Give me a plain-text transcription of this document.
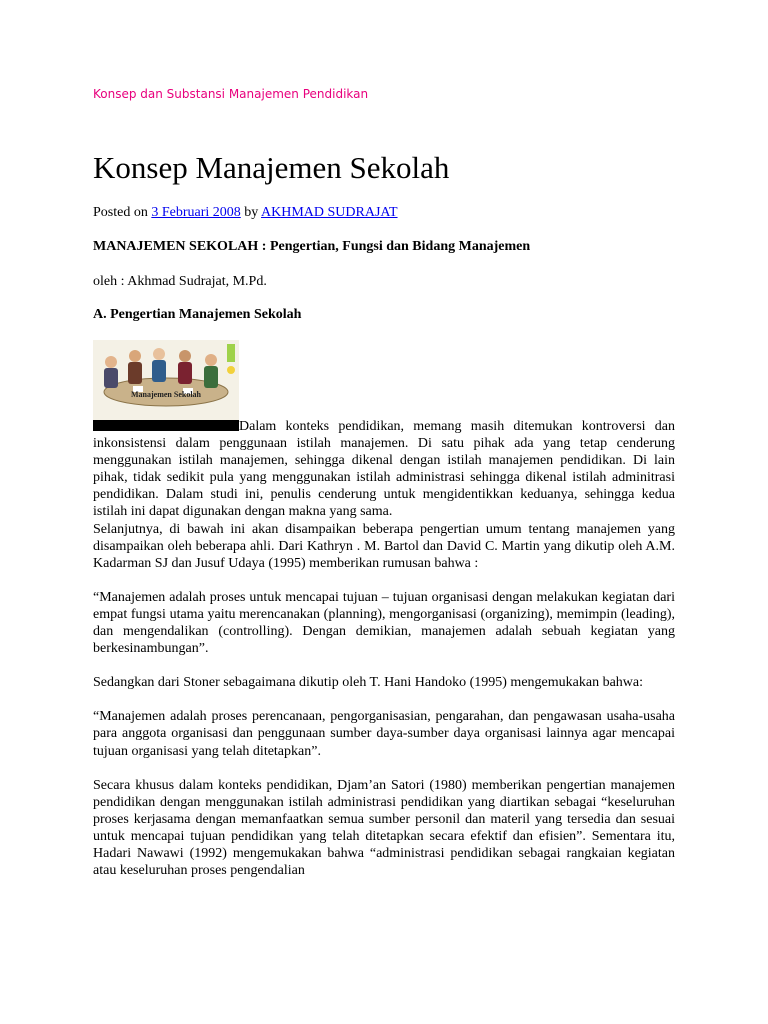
Konsep dan Substansi Manajemen Pendidikan
Konsep Manajemen Sekolah
Posted on 3 Februari 2008 by AKHMAD SUDRAJAT
MANAJEMEN SEKOLAH : Pengertian, Fungsi dan Bidang Manajemen
oleh : Akhmad Sudrajat, M.Pd.
A. Pengertian Manajemen Sekolah
Manajemen Sekolah

Dalam konteks pendidikan, memang masih ditemukan kontroversi dan inkonsistensi dalam penggunaan istilah manajemen. Di satu pihak ada yang tetap cenderung menggunakan istilah manajemen, sehingga dikenal dengan istilah manajemen pendidikan. Di lain pihak, tidak sedikit pula yang menggunakan istilah administrasi sehingga dikenal istilah adminitrasi pendidikan. Dalam studi ini, penulis cenderung untuk mengidentikkan keduanya, sehingga kedua istilah ini dapat digunakan dengan makna yang sama.

Selanjutnya, di bawah ini akan disampaikan beberapa pengertian umum tentang manajemen yang disampaikan oleh beberapa ahli. Dari Kathryn . M. Bartol dan David C. Martin yang dikutip oleh A.M. Kadarman SJ dan Jusuf Udaya (1995) memberikan rumusan bahwa :

“Manajemen adalah proses untuk mencapai tujuan – tujuan organisasi dengan melakukan kegiatan dari empat fungsi utama yaitu merencanakan (planning), mengorganisasi (organizing), memimpin (leading), dan mengendalikan (controlling). Dengan demikian, manajemen adalah sebuah kegiatan yang berkesinambungan”.

Sedangkan dari Stoner sebagaimana dikutip oleh T. Hani Handoko (1995) mengemukakan bahwa:

“Manajemen adalah proses perencanaan, pengorganisasian, pengarahan, dan pengawasan usaha-usaha para anggota organisasi dan penggunaan sumber daya-sumber daya organisasi lainnya agar mencapai tujuan organisasi yang telah ditetapkan”.

Secara khusus dalam konteks pendidikan, Djam’an Satori (1980) memberikan pengertian manajemen pendidikan dengan menggunakan istilah administrasi pendidikan yang diartikan sebagai “keseluruhan proses kerjasama dengan memanfaatkan semua sumber personil dan materil yang tersedia dan sesuai untuk mencapai tujuan pendidikan yang telah ditetapkan secara efektif dan efisien”. Sementara itu, Hadari Nawawi (1992) mengemukakan bahwa “administrasi pendidikan sebagai rangkaian kegiatan atau keseluruhan proses pengendalian
